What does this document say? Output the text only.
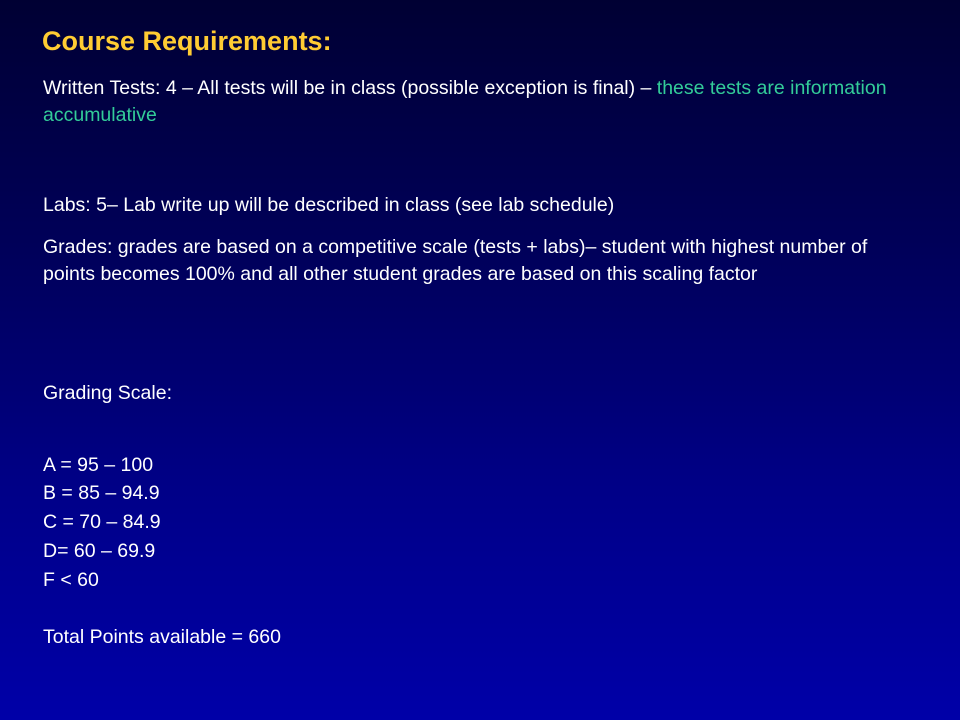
Course Requirements:
Written Tests: 4 – All tests will be in class (possible exception is final) – these tests are information accumulative
Labs: 5– Lab write up will be described in class (see lab schedule)
Grades: grades are based on a competitive scale (tests + labs)– student with highest number of points becomes 100% and all other student grades are based on this scaling factor
Grading Scale:
A = 95 – 100
B = 85 – 94.9
C = 70 – 84.9
D= 60 – 69.9
F < 60
Total Points available = 660
